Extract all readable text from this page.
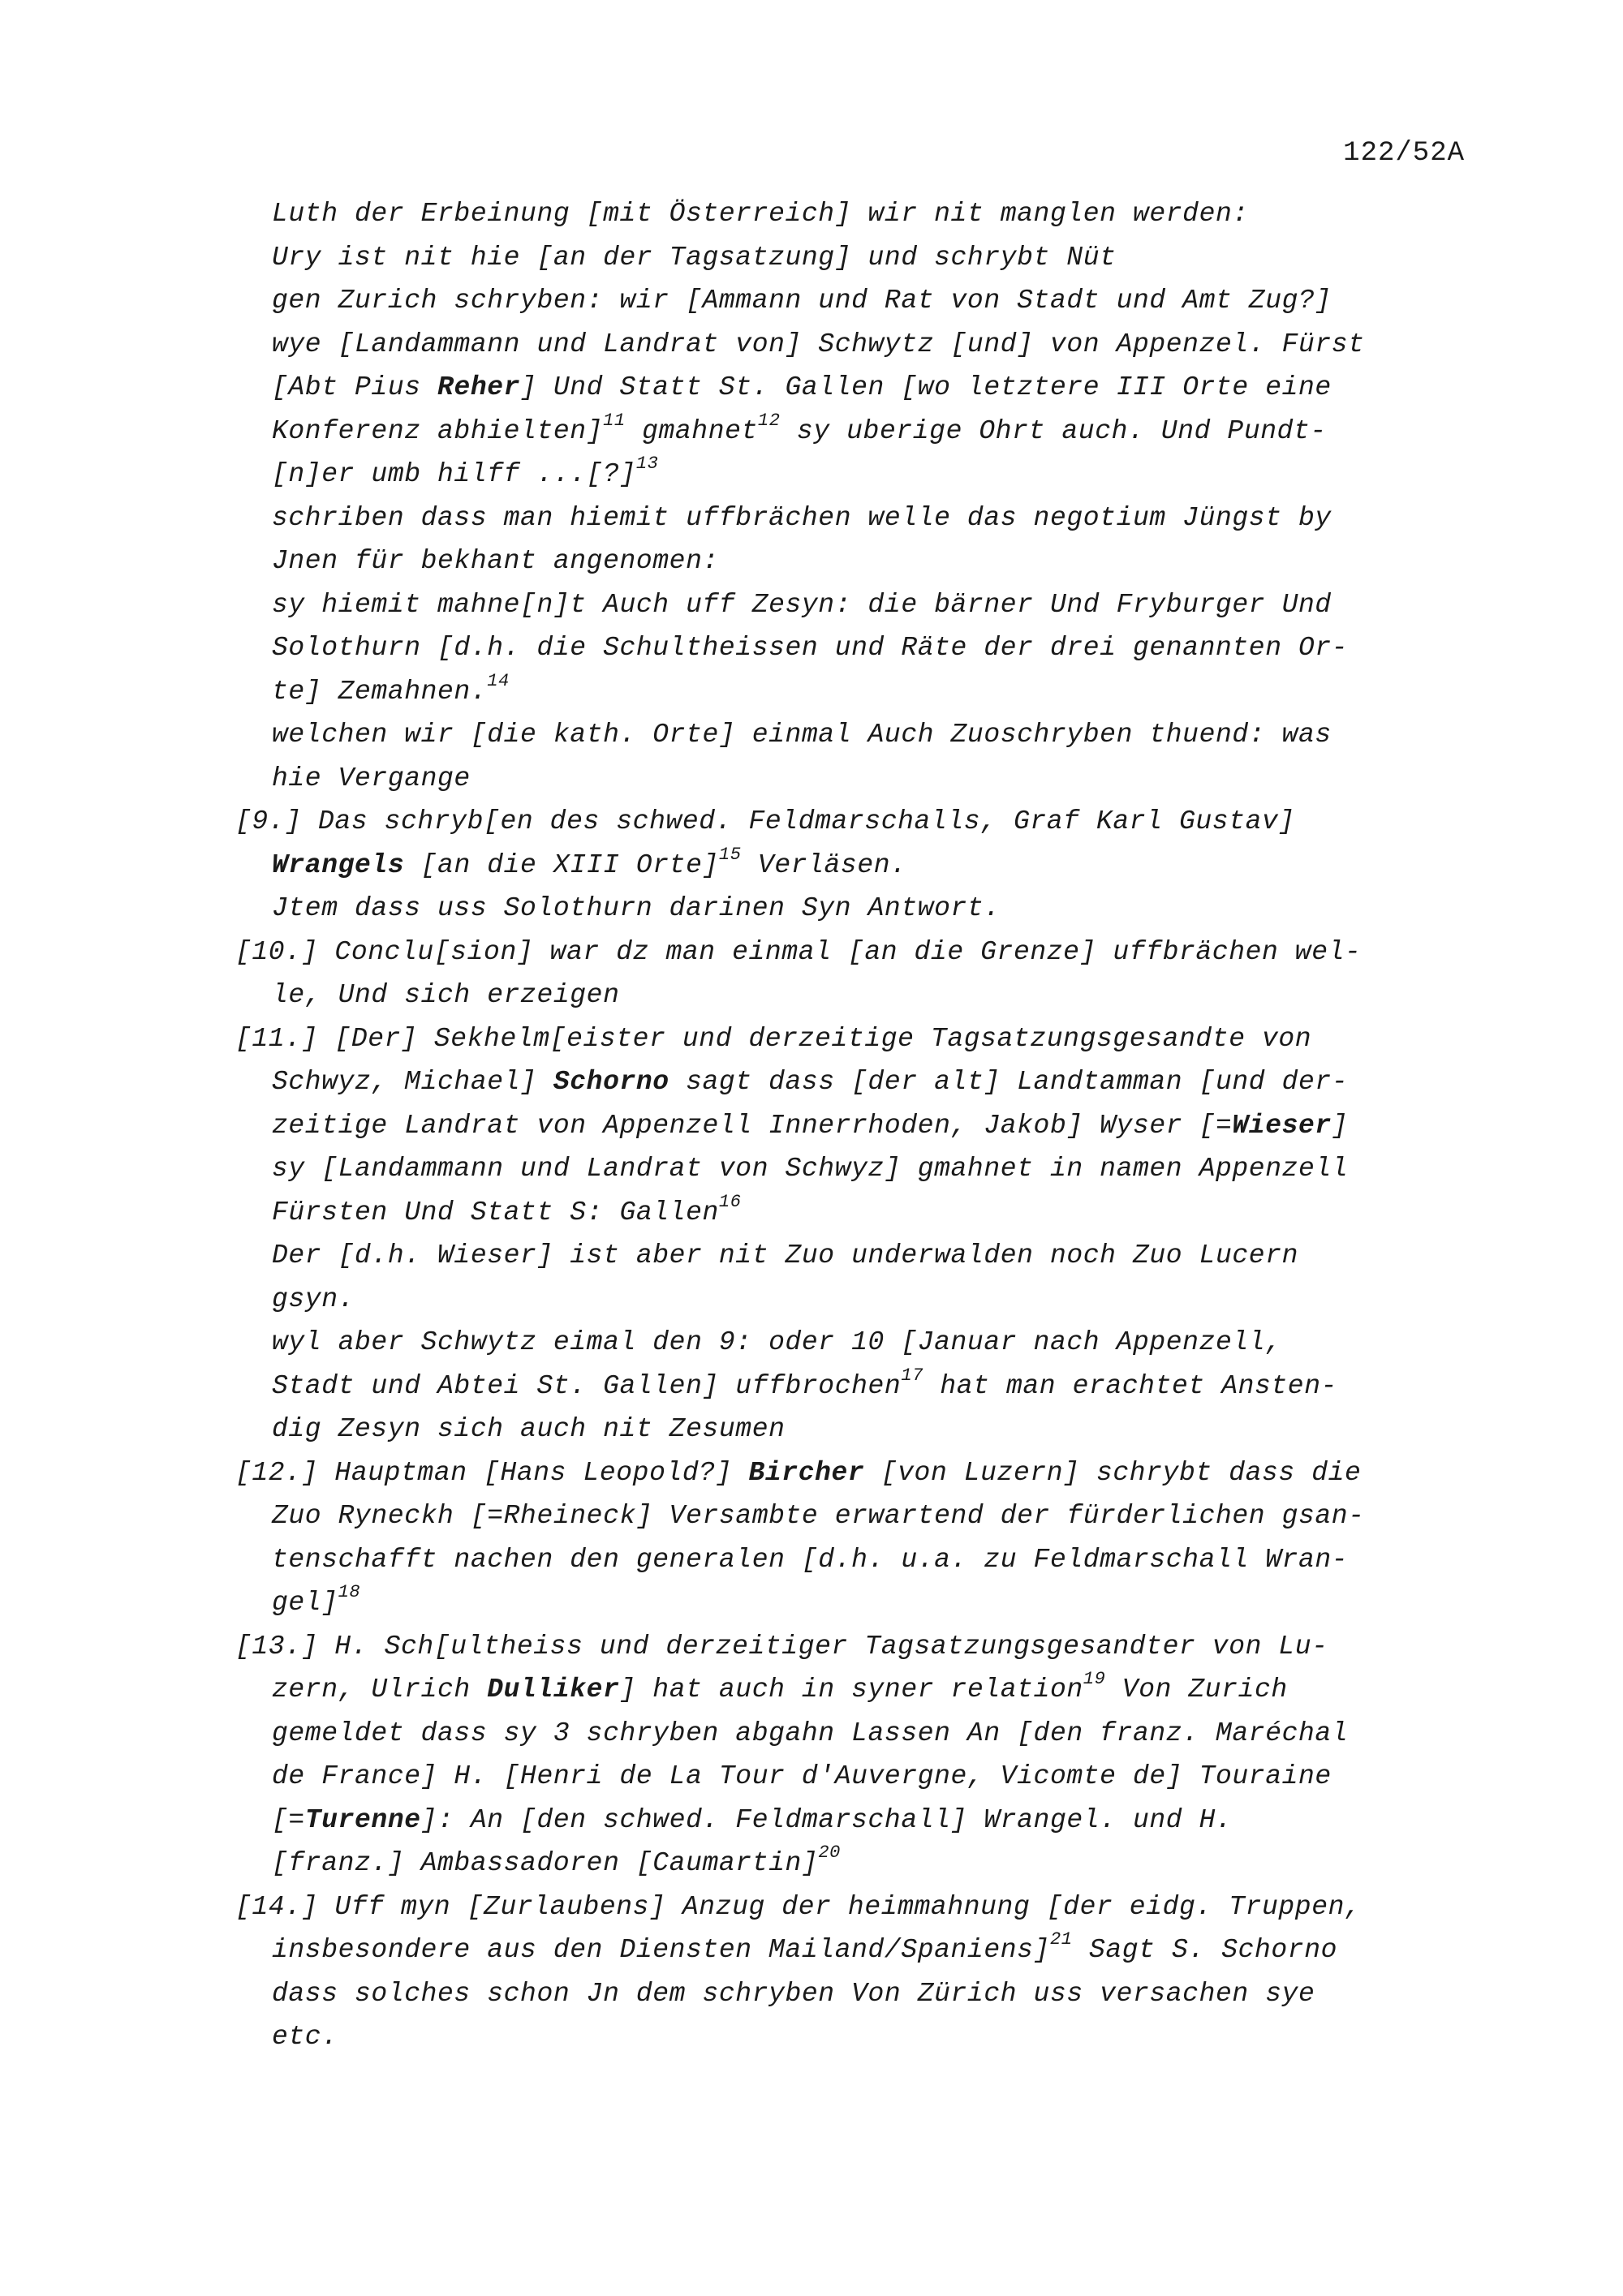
122/52A
Luth der Erbeinung [mit Österreich] wir nit manglen werden:
Ury ist nit hie [an der Tagsatzung] und schrybt Nüt
gen Zurich schryben: wir [Ammann und Rat von Stadt und Amt Zug?]
wye [Landammann und Landrat von] Schwytz [und] von Appenzel. Fürst
[Abt Pius Reher] Und Statt St. Gallen [wo letztere III Orte eine
Konferenz abhielten]$^{11}$ gmahnet$^{12}$ sy uberige Ohrt auch. Und Pundt-
[n]er umb hilff ...[?]$^{13}$
schriben dass man hiemit uffbrächen welle das negotium Jüngst by
Jnen für bekhant angenomen:
sy hiemit mahne[n]t Auch uff Zesyn: die bärner Und Fryburger Und
Solothurn [d.h. die Schultheissen und Räte der drei genannten Or-
te] Zemahnen.$^{14}$
welchen wir [die kath. Orte] einmal Auch Zuoschryben thuend: was
hie Vergange
[9.] Das schryb[en des schwed. Feldmarschalls, Graf Karl Gustav]
Wrangels [an die XIII Orte]$^{15}$ Verläsen.
Jtem dass uss Solothurn darinen Syn Antwort.
[10.] Conclu[sion] war dz man einmal [an die Grenze] uffbrächen wel-
le, Und sich erzeigen
[11.] [Der] Sekhelm[eister und derzeitige Tagsatzungsgesandte von
Schwyz, Michael] Schorno sagt dass [der alt] Landtamman [und der-
zeitige Landrat von Appenzell Innerrhoden, Jakob] Wyser [=Wieser]
sy [Landammann und Landrat von Schwyz] gmahnet in namen Appenzell
Fürsten Und Statt S: Gallen$^{16}$
Der [d.h. Wieser] ist aber nit Zuo underwalden noch Zuo Lucern
gsyn.
wyl aber Schwytz eimal den 9: oder 10 [Januar nach Appenzell,
Stadt und Abtei St. Gallen] uffbrochen$^{17}$ hat man erachtet Ansten-
dig Zesyn sich auch nit Zesumen
[12.] Hauptman [Hans Leopold?] Bircher [von Luzern] schrybt dass die
Zuo Ryneckh [=Rheineck] Versambte erwartend der fürderlichen gsan-
tenschafft nachen den generalen [d.h. u.a. zu Feldmarschall Wran-
gel]$^{18}$
[13.] H. Sch[ultheiss und derzeitiger Tagsatzungsgesandter von Lu-
zern, Ulrich Dulliker] hat auch in syner relation$^{19}$ Von Zurich
gemeldet dass sy 3 schryben abgahn Lassen An [den franz. Maréchal
de France] H. [Henri de La Tour d'Auvergne, Vicomte de] Touraine
[=Turenne]: An [den schwed. Feldmarschall] Wrangel. und H.
[franz.] Ambassadoren [Caumartin]$^{20}$
[14.] Uff myn [Zurlaubens] Anzug der heimmahnung [der eidg. Truppen,
insbesondere aus den Diensten Mailand/Spaniens]$^{21}$ Sagt S. Schorno
dass solches schon Jn dem schryben Von Zürich uss versachen sye
etc.
